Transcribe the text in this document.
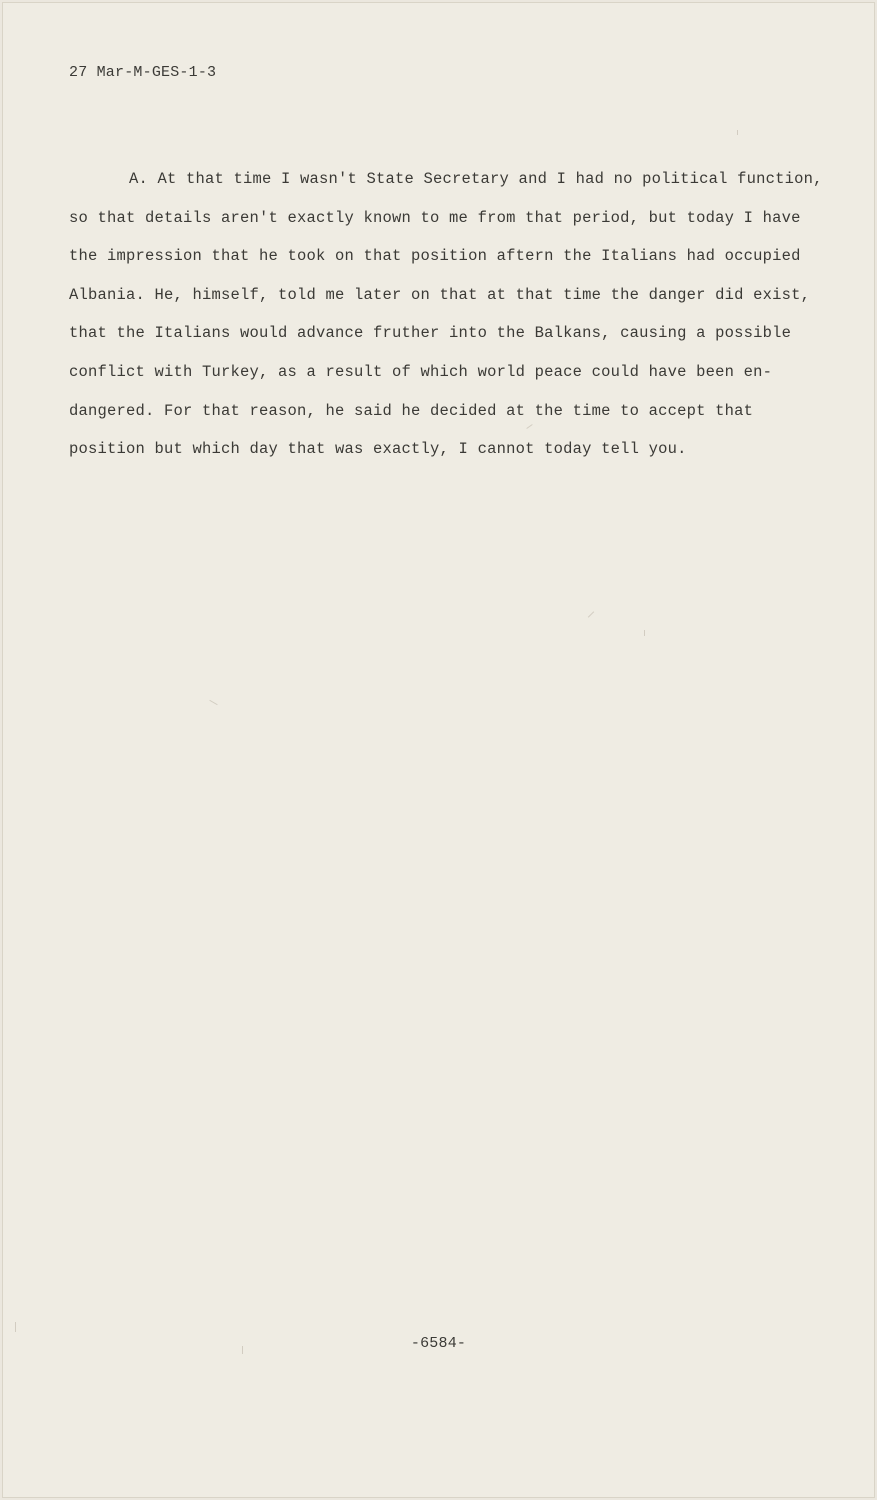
27 Mar-M-GES-1-3
A. At that time I wasn't State Secretary and I had no political function,
so that details aren't exactly known to me from that period, but today I have
the impression that he took on that position aftern the Italians had occupied
Albania. He, himself, told me later on that at that time the danger did exist,
that the Italians would advance fruther into the Balkans, causing a possible
conflict with Turkey, as a result of which world peace could have been en-
dangered. For that reason, he said he decided at the time to accept that
position but which day that was exactly, I cannot today tell you.
-6584-
